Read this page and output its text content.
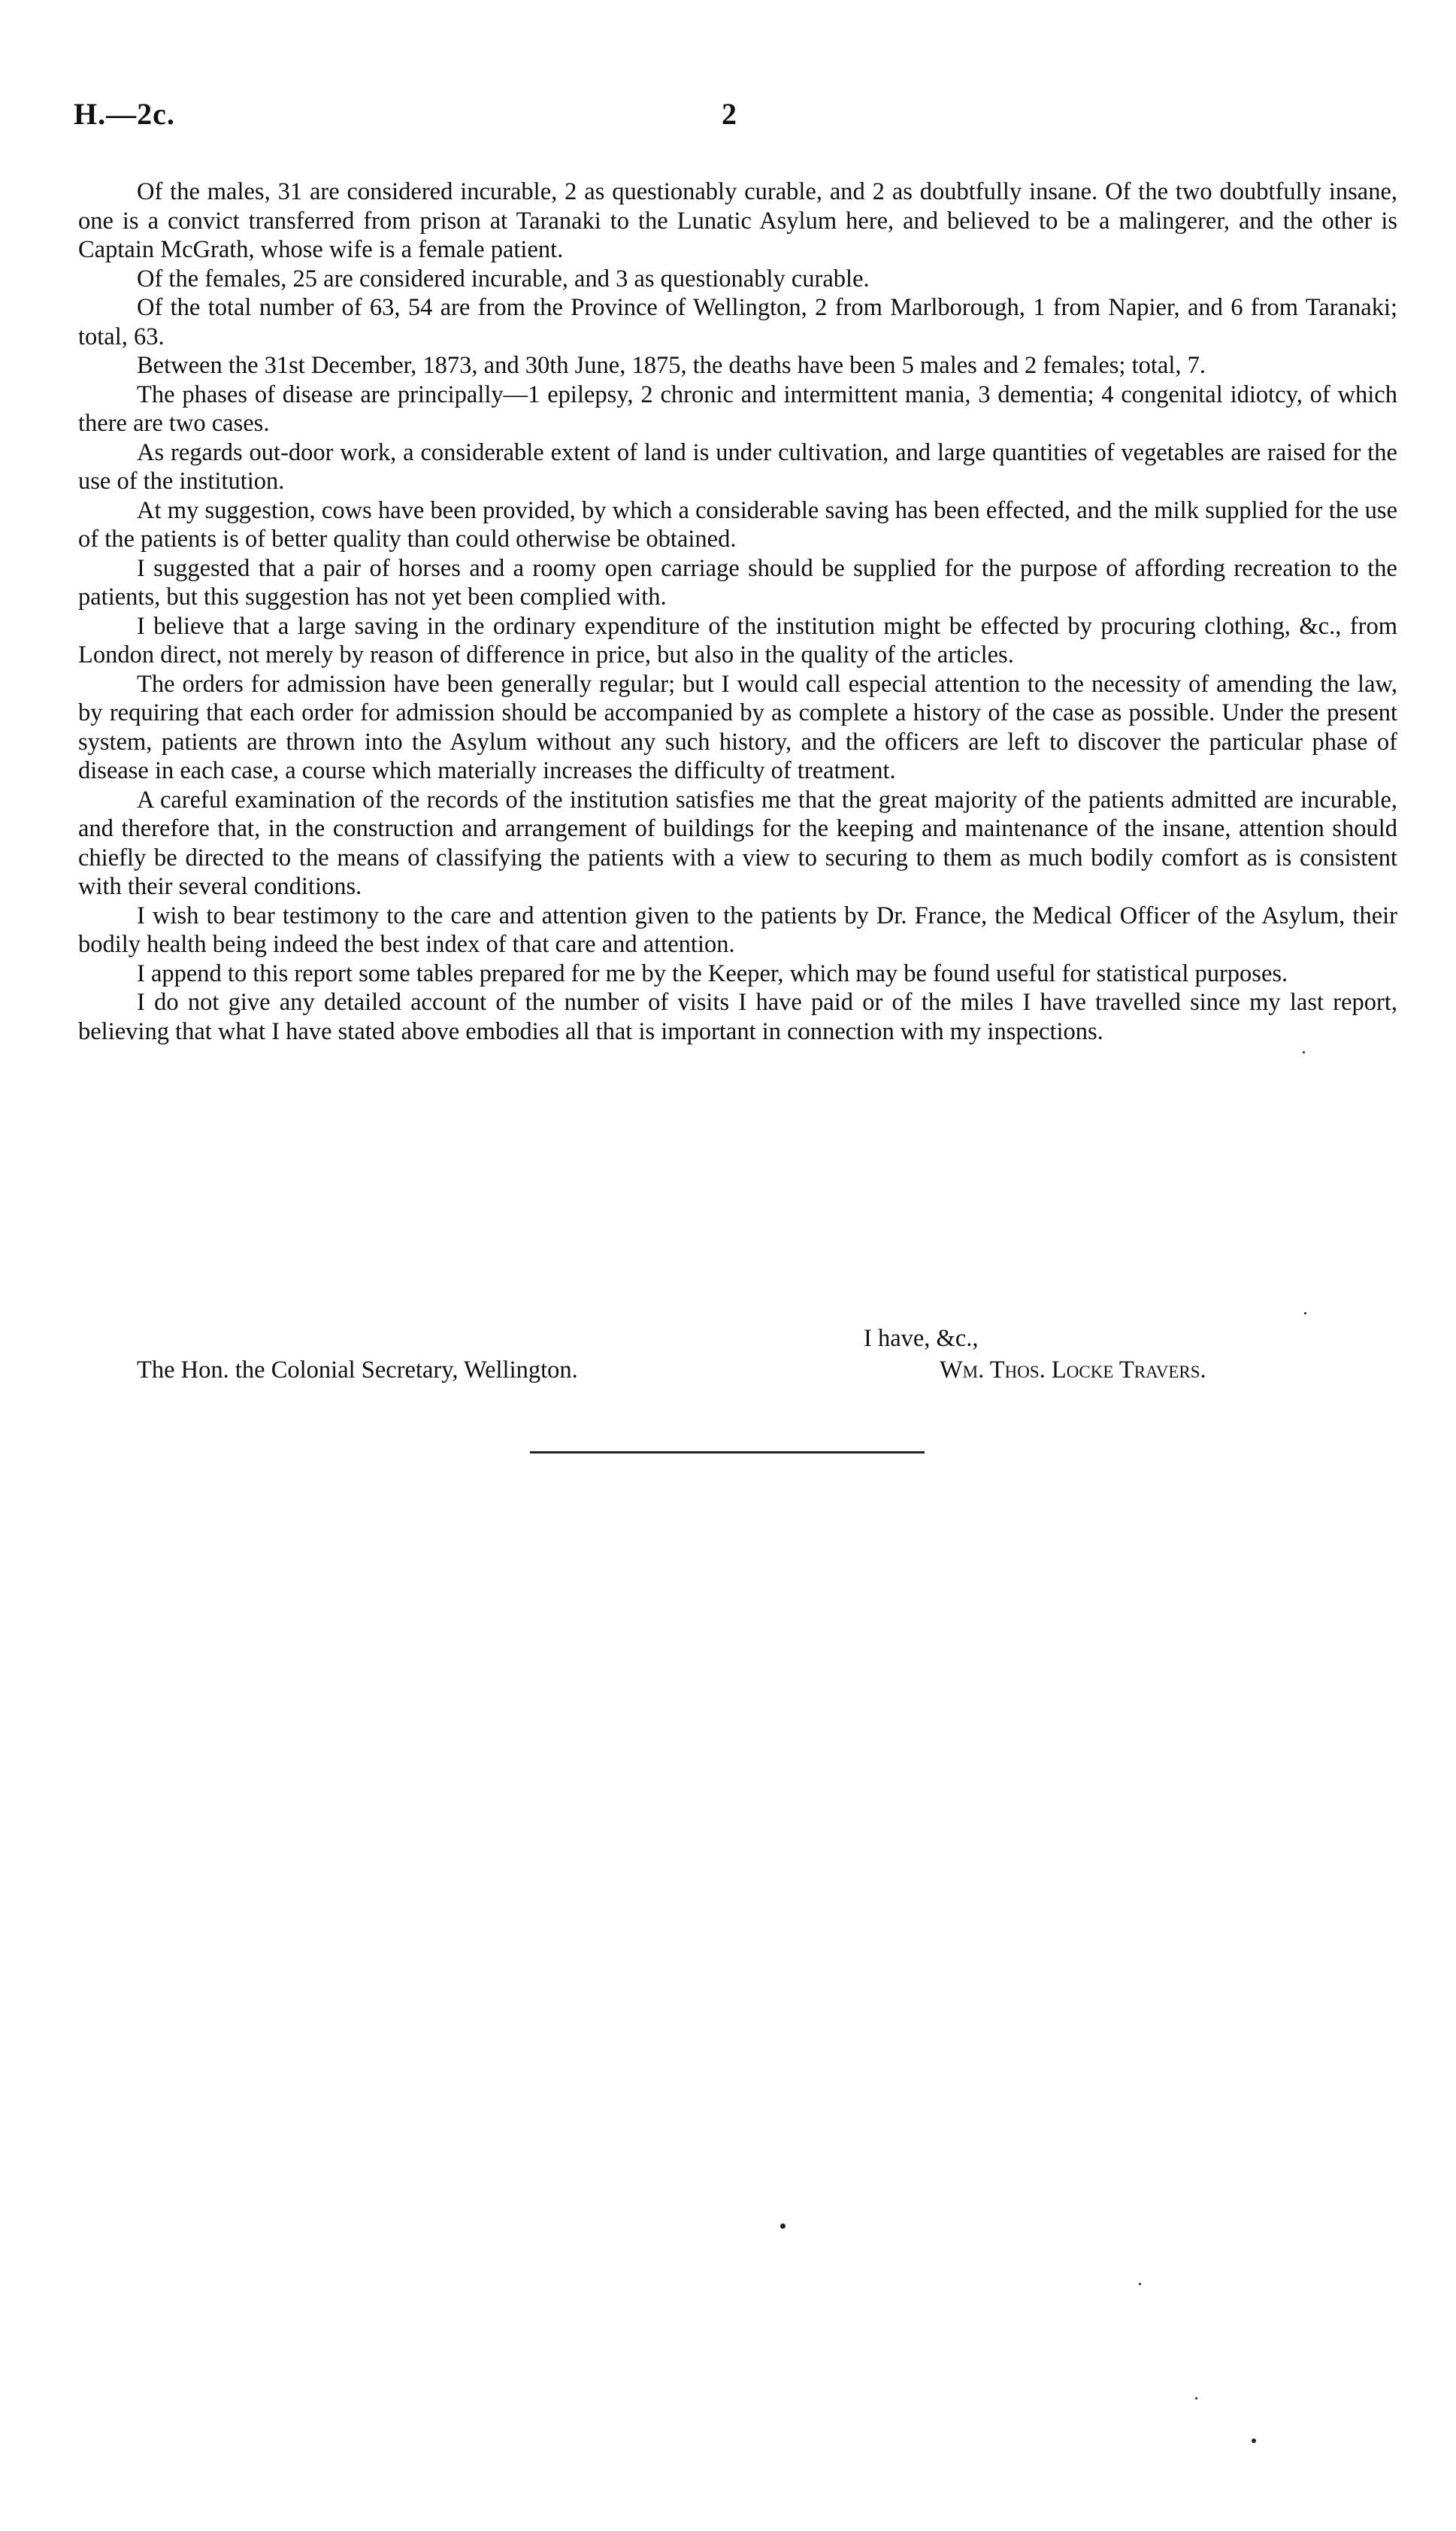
H.—2c.	2

Of the males, 31 are considered incurable, 2 as questionably curable, and 2 as doubtfully insane. Of the two doubtfully insane, one is a convict transferred from prison at Taranaki to the Lunatic Asylum here, and believed to be a malingerer, and the other is Captain McGrath, whose wife is a female patient.

Of the females, 25 are considered incurable, and 3 as questionably curable.

Of the total number of 63, 54 are from the Province of Wellington, 2 from Marlborough, 1 from Napier, and 6 from Taranaki; total, 63.

Between the 31st December, 1873, and 30th June, 1875, the deaths have been 5 males and 2 females; total, 7.

The phases of disease are principally—1 epilepsy, 2 chronic and intermittent mania, 3 dementia; 4 congenital idiotcy, of which there are two cases.

As regards out-door work, a considerable extent of land is under cultivation, and large quantities of vegetables are raised for the use of the institution.

At my suggestion, cows have been provided, by which a considerable saving has been effected, and the milk supplied for the use of the patients is of better quality than could otherwise be obtained.

I suggested that a pair of horses and a roomy open carriage should be supplied for the purpose of affording recreation to the patients, but this suggestion has not yet been complied with.

I believe that a large saving in the ordinary expenditure of the institution might be effected by procuring clothing, &c., from London direct, not merely by reason of difference in price, but also in the quality of the articles.

The orders for admission have been generally regular; but I would call especial attention to the necessity of amending the law, by requiring that each order for admission should be accompanied by as complete a history of the case as possible. Under the present system, patients are thrown into the Asylum without any such history, and the officers are left to discover the particular phase of disease in each case, a course which materially increases the difficulty of treatment.

A careful examination of the records of the institution satisfies me that the great majority of the patients admitted are incurable, and therefore that, in the construction and arrangement of buildings for the keeping and maintenance of the insane, attention should chiefly be directed to the means of classifying the patients with a view to securing to them as much bodily comfort as is consistent with their several conditions.

I wish to bear testimony to the care and attention given to the patients by Dr. France, the Medical Officer of the Asylum, their bodily health being indeed the best index of that care and attention.

I append to this report some tables prepared for me by the Keeper, which may be found useful for statistical purposes.

I do not give any detailed account of the number of visits I have paid or of the miles I have travelled since my last report, believing that what I have stated above embodies all that is important in connection with my inspections.

I have, &c.,
The Hon. the Colonial Secretary, Wellington.	Wm. Thos. Locke Travers.
